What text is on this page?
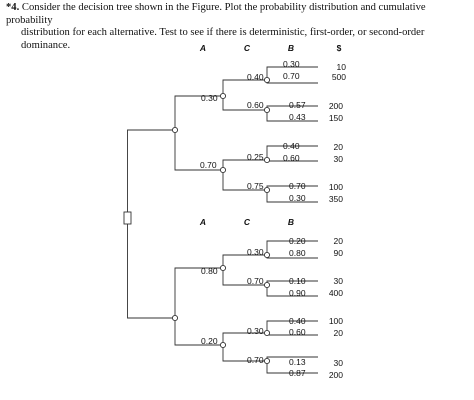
*4. Consider the decision tree shown in the Figure. Plot the probability distribution and cumulative probability
distribution for each alternative. Test to see if there is deterministic, first-order, or second-order dominance.	A	C	B	$
A	C	B
0.30
0.70
0.40
0.60
0.25
0.75
0.30
0.70
0.57
0.43
0.40
0.60
0.70
0.30
10
500
200
150
20
30
100
350
0.80
0.20
0.30
0.70
0.30
0.70
0.20
0.80
0.10
0.90
0.40
0.60
0.13
0.87
20
90
30
400
100
20
30
200
